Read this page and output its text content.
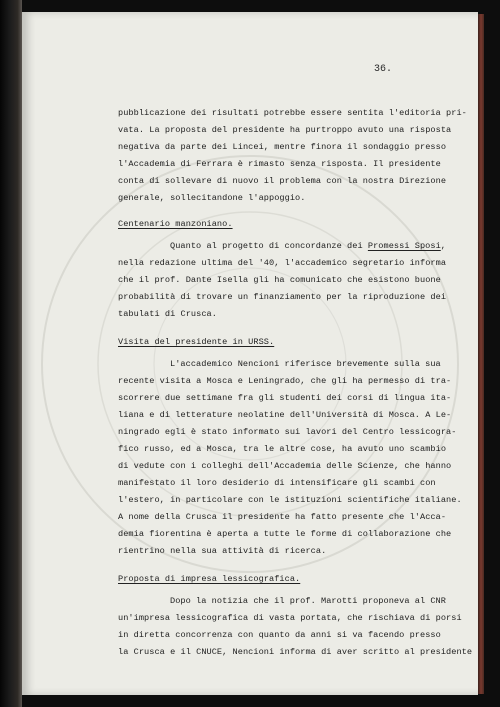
36.
pubblicazione dei risultati potrebbe essere sentita l'editoria pri-
vata. La proposta del presidente ha purtroppo avuto una risposta
negativa da parte dei Lincei, mentre finora il sondaggio presso
l'Accademia di Ferrara è rimasto senza risposta. Il presidente
conta di sollevare di nuovo il problema con la nostra Direzione
generale, sollecitandone l'appoggio.
Centenario manzoniano.
Quanto al progetto di concordanze dei Promessi Sposi,
nella redazione ultima del '40, l'accademico segretario informa
che il prof. Dante Isella gli ha comunicato che esistono buone
probabilità di trovare un finanziamento per la riproduzione dei
tabulati di Crusca.
Visita del presidente in URSS.
L'accademico Nencioni riferisce brevemente sulla sua
recente visita a Mosca e Leningrado, che gli ha permesso di tra-
scorrere due settimane fra gli studenti dei corsi di lingua ita-
liana e di letterature neolatine dell'Università di Mosca. A Le-
ningrado egli è stato informato sui lavori del Centro lessicogra-
fico russo, ed a Mosca, tra le altre cose, ha avuto uno scambio
di vedute con i colleghi dell'Accademia delle Scienze, che hanno
manifestato il loro desiderio di intensificare gli scambi con
l'estero, in particolare con le istituzioni scientifiche italiane.
A nome della Crusca il presidente ha fatto presente che l'Acca-
demia fiorentina è aperta a tutte le forme di collaborazione che
rientrino nella sua attività di ricerca.
Proposta di impresa lessicografica.
Dopo la notizia che il prof. Marotti proponeva al CNR
un'impresa lessicografica di vasta portata, che rischiava di porsi
in diretta concorrenza con quanto da anni si va facendo presso
la Crusca e il CNUCE, Nencioni informa di aver scritto al presidente
